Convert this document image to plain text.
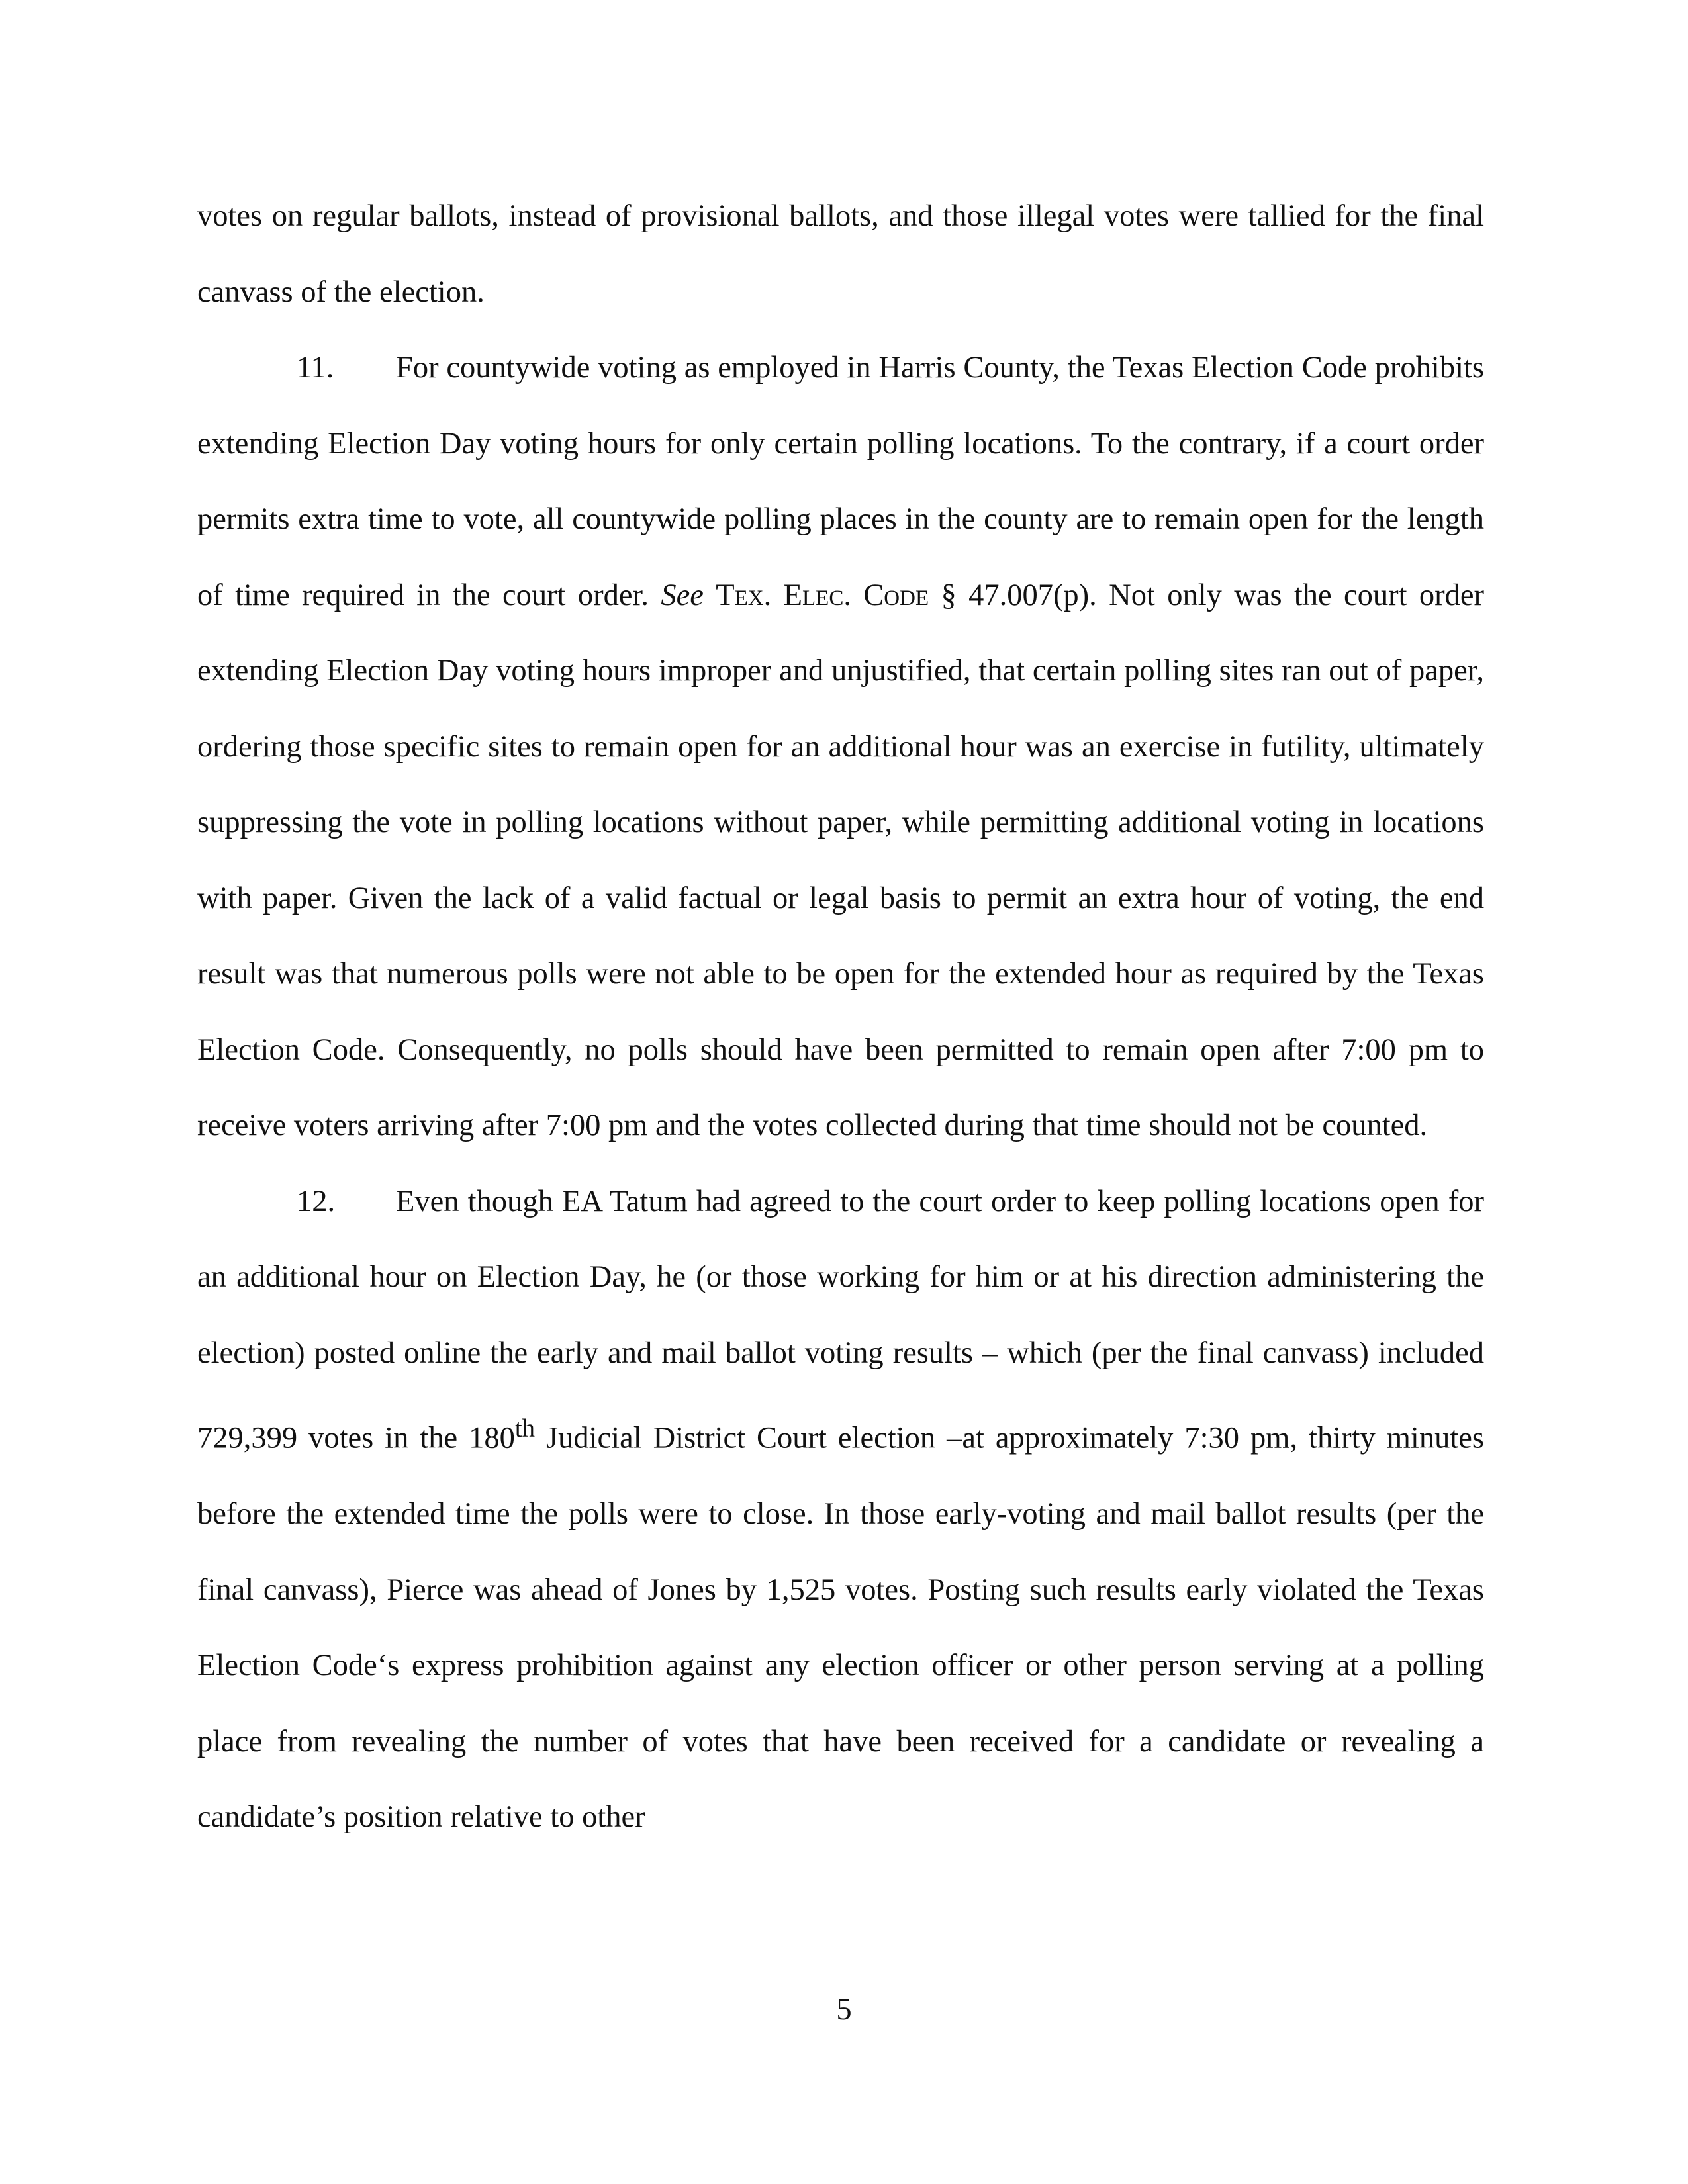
votes on regular ballots, instead of provisional ballots, and those illegal votes were tallied for the final canvass of the election.

11. For countywide voting as employed in Harris County, the Texas Election Code prohibits extending Election Day voting hours for only certain polling locations. To the contrary, if a court order permits extra time to vote, all countywide polling places in the county are to remain open for the length of time required in the court order. See Tex. Elec. Code § 47.007(p). Not only was the court order extending Election Day voting hours improper and unjustified, that certain polling sites ran out of paper, ordering those specific sites to remain open for an additional hour was an exercise in futility, ultimately suppressing the vote in polling locations without paper, while permitting additional voting in locations with paper. Given the lack of a valid factual or legal basis to permit an extra hour of voting, the end result was that numerous polls were not able to be open for the extended hour as required by the Texas Election Code. Consequently, no polls should have been permitted to remain open after 7:00 pm to receive voters arriving after 7:00 pm and the votes collected during that time should not be counted.

12. Even though EA Tatum had agreed to the court order to keep polling locations open for an additional hour on Election Day, he (or those working for him or at his direction administering the election) posted online the early and mail ballot voting results – which (per the final canvass) included 729,399 votes in the 180th Judicial District Court election –at approximately 7:30 pm, thirty minutes before the extended time the polls were to close. In those early-voting and mail ballot results (per the final canvass), Pierce was ahead of Jones by 1,525 votes. Posting such results early violated the Texas Election Code‘s express prohibition against any election officer or other person serving at a polling place from revealing the number of votes that have been received for a candidate or revealing a candidate’s position relative to other

5
